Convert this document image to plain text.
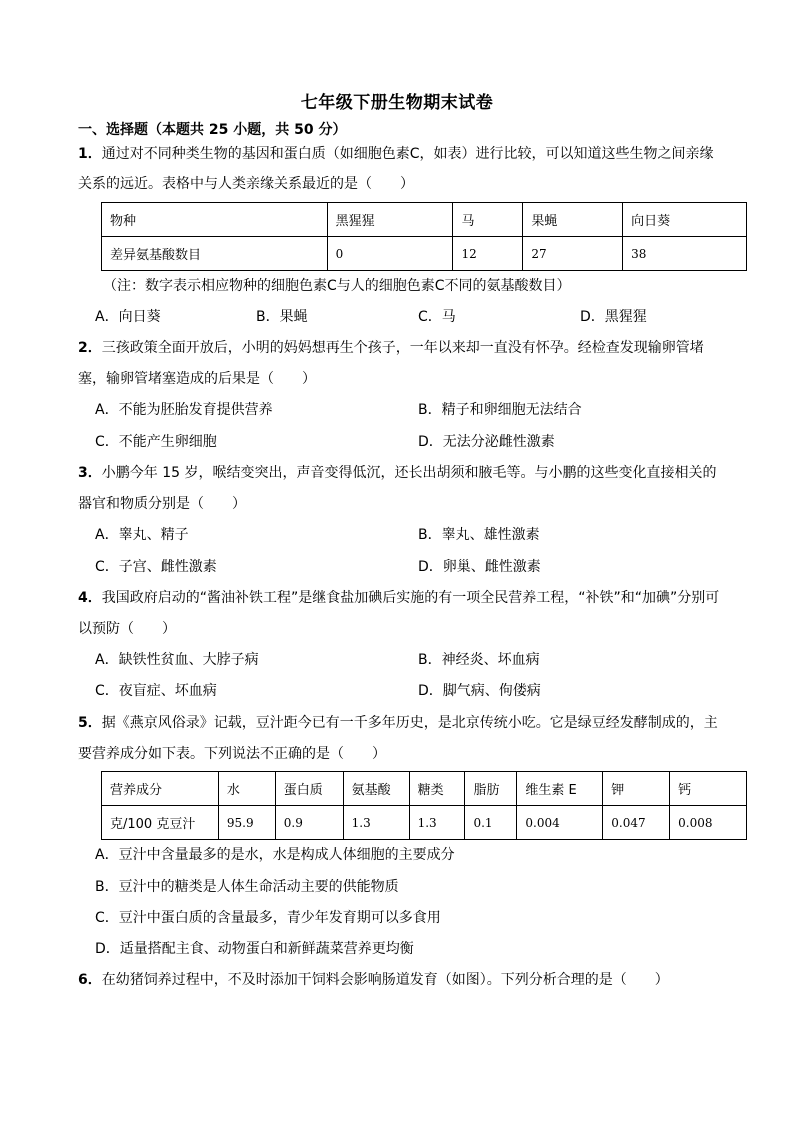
七年级下册生物期末试卷
一、选择题（本题共 25 小题，共 50 分）
1．通过对不同种类生物的基因和蛋白质（如细胞色素C，如表）进行比较，可以知道这些生物之间亲缘
关系的远近。表格中与人类亲缘关系最近的是（　　）
物种	黑猩猩	马	果蝇	向日葵
差异氨基酸数目	0	12	27	38
（注：数字表示相应物种的细胞色素C与人的细胞色素C不同的氨基酸数目）
A．向日葵	B．果蝇	C．马	D．黑猩猩
2．三孩政策全面开放后，小明的妈妈想再生个孩子，一年以来却一直没有怀孕。经检查发现输卵管堵
塞，输卵管堵塞造成的后果是（　　）
A．不能为胚胎发育提供营养	B．精子和卵细胞无法结合
C．不能产生卵细胞	D．无法分泌雌性激素
3．小鹏今年 15 岁，喉结变突出，声音变得低沉，还长出胡须和腋毛等。与小鹏的这些变化直接相关的
器官和物质分别是（　　）
A．睾丸、精子	B．睾丸、雄性激素
C．子宫、雌性激素	D．卵巢、雌性激素
4．我国政府启动的“酱油补铁工程”是继食盐加碘后实施的有一项全民营养工程，“补铁”和“加碘”分别可
以预防（　　）
A．缺铁性贫血、大脖子病	B．神经炎、坏血病
C．夜盲症、坏血病	D．脚气病、佝偻病
5．据《燕京风俗录》记载，豆汁距今已有一千多年历史，是北京传统小吃。它是绿豆经发酵制成的，主
要营养成分如下表。下列说法不正确的是（　　）
营养成分	水	蛋白质	氨基酸	糖类	脂肪	维生素 E	钾	钙
克/100 克豆汁	95.9	0.9	1.3	1.3	0.1	0.004	0.047	0.008
A．豆汁中含量最多的是水，水是构成人体细胞的主要成分
B．豆汁中的糖类是人体生命活动主要的供能物质
C．豆汁中蛋白质的含量最多，青少年发育期可以多食用
D．适量搭配主食、动物蛋白和新鲜蔬菜营养更均衡
6．在幼猪饲养过程中，不及时添加干饲料会影响肠道发育（如图）。下列分析合理的是（　　）
